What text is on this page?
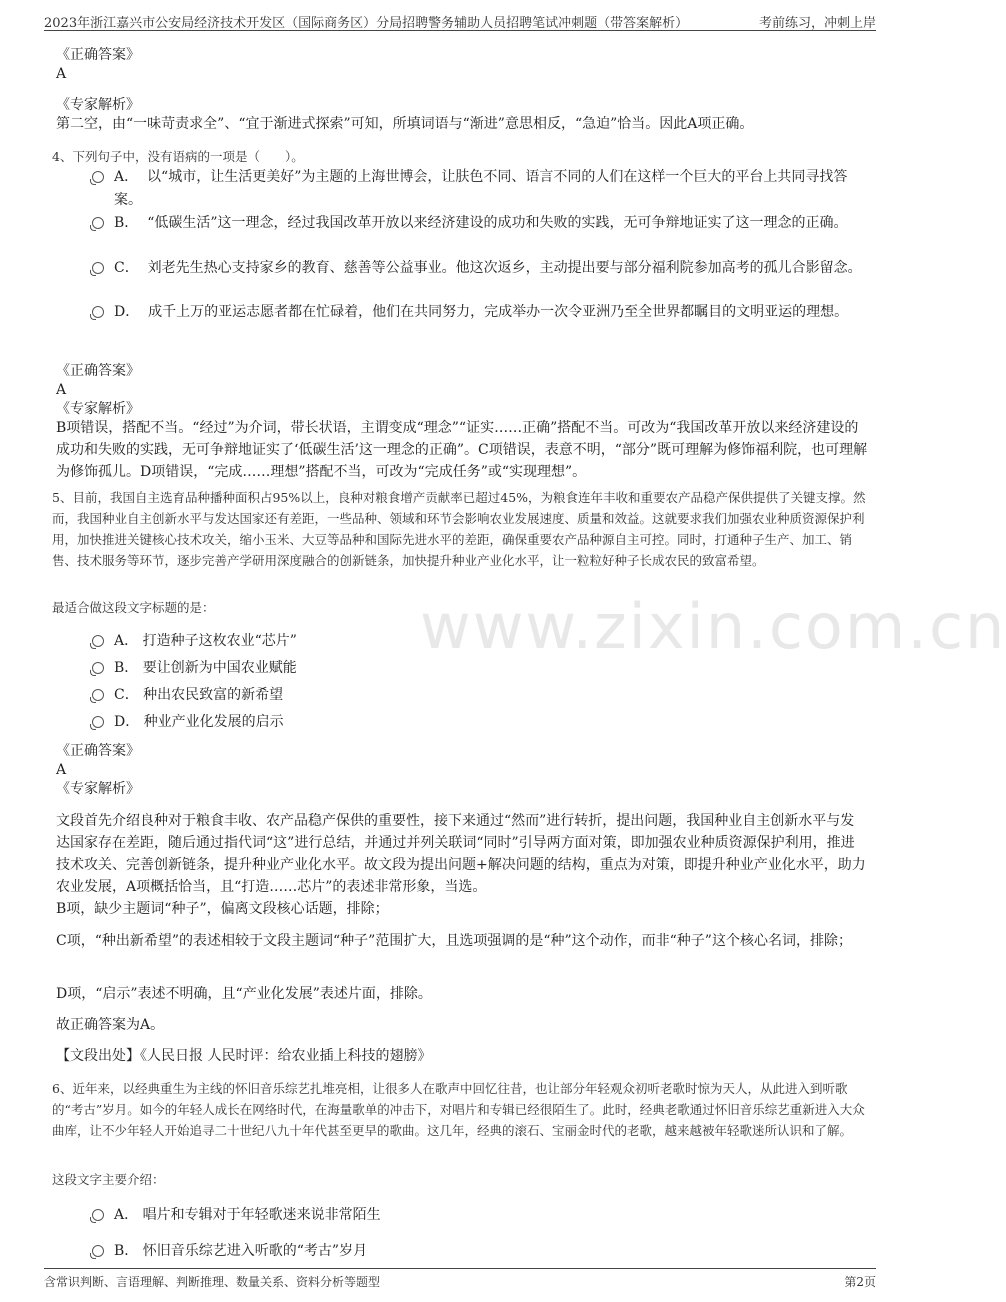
2023年浙江嘉兴市公安局经济技术开发区（国际商务区）分局招聘警务辅助人员招聘笔试冲刺题（带答案解析）	考前练习，冲刺上岸
www.zixin.com.cn
《正确答案》
A
《专家解析》
第二空，由“一味苛责求全”、“宜于渐进式探索”可知，所填词语与“渐进”意思相反，“急迫”恰当。因此A项正确。
4、下列句子中，没有语病的一项是（　　）。
A． 以“城市，让生活更美好”为主题的上海世博会，让肤色不同、语言不同的人们在这样一个巨大的平台上共同寻找答案。
B． “低碳生活”这一理念，经过我国改革开放以来经济建设的成功和失败的实践，无可争辩地证实了这一理念的正确。
C． 刘老先生热心支持家乡的教育、慈善等公益事业。他这次返乡，主动提出要与部分福利院参加高考的孤儿合影留念。
D． 成千上万的亚运志愿者都在忙碌着，他们在共同努力，完成举办一次令亚洲乃至全世界都瞩目的文明亚运的理想。
《正确答案》
A
《专家解析》
B项错误，搭配不当。“经过”为介词，带长状语，主谓变成“理念”“证实……正确”搭配不当。可改为“我国改革开放以来经济建设的成功和失败的实践，无可争辩地证实了‘低碳生活’这一理念的正确”。C项错误，表意不明，“部分”既可理解为修饰福利院，也可理解为修饰孤儿。D项错误，“完成……理想”搭配不当，可改为“完成任务”或“实现理想”。
5、目前，我国自主选育品种播种面积占95%以上，良种对粮食增产贡献率已超过45%，为粮食连年丰收和重要农产品稳产保供提供了关键支撑。然而，我国种业自主创新水平与发达国家还有差距，一些品种、领域和环节会影响农业发展速度、质量和效益。这就要求我们加强农业种质资源保护利用，加快推进关键核心技术攻关，缩小玉米、大豆等品种和国际先进水平的差距，确保重要农产品种源自主可控。同时，打通种子生产、加工、销售、技术服务等环节，逐步完善产学研用深度融合的创新链条，加快提升种业产业化水平，让一粒粒好种子长成农民的致富希望。
最适合做这段文字标题的是：
A． 打造种子这枚农业“芯片”
B． 要让创新为中国农业赋能
C． 种出农民致富的新希望
D． 种业产业化发展的启示
《正确答案》
A
《专家解析》
文段首先介绍良种对于粮食丰收、农产品稳产保供的重要性，接下来通过“然而”进行转折，提出问题，我国种业自主创新水平与发达国家存在差距，随后通过指代词“这”进行总结，并通过并列关联词“同时”引导两方面对策，即加强农业种质资源保护利用，推进技术攻关、完善创新链条，提升种业产业化水平。故文段为提出问题+解决问题的结构，重点为对策，即提升种业产业化水平，助力农业发展，A项概括恰当，且“打造……芯片”的表述非常形象，当选。
B项，缺少主题词“种子”，偏离文段核心话题，排除；
C项，“种出新希望”的表述相较于文段主题词“种子”范围扩大，且选项强调的是“种”这个动作，而非“种子”这个核心名词，排除；
D项，“启示”表述不明确，且“产业化发展”表述片面，排除。
故正确答案为A。
【文段出处】《人民日报 人民时评：给农业插上科技的翅膀》
6、近年来，以经典重生为主线的怀旧音乐综艺扎堆亮相，让很多人在歌声中回忆往昔，也让部分年轻观众初听老歌时惊为天人，从此进入到听歌的“考古”岁月。如今的年轻人成长在网络时代，在海量歌单的冲击下，对唱片和专辑已经很陌生了。此时，经典老歌通过怀旧音乐综艺重新进入大众曲库，让不少年轻人开始追寻二十世纪八九十年代甚至更早的歌曲。这几年，经典的滚石、宝丽金时代的老歌，越来越被年轻歌迷所认识和了解。
这段文字主要介绍：
A． 唱片和专辑对于年轻歌迷来说非常陌生
B． 怀旧音乐综艺进入听歌的“考古”岁月
含常识判断、言语理解、判断推理、数量关系、资料分析等题型	第2页
